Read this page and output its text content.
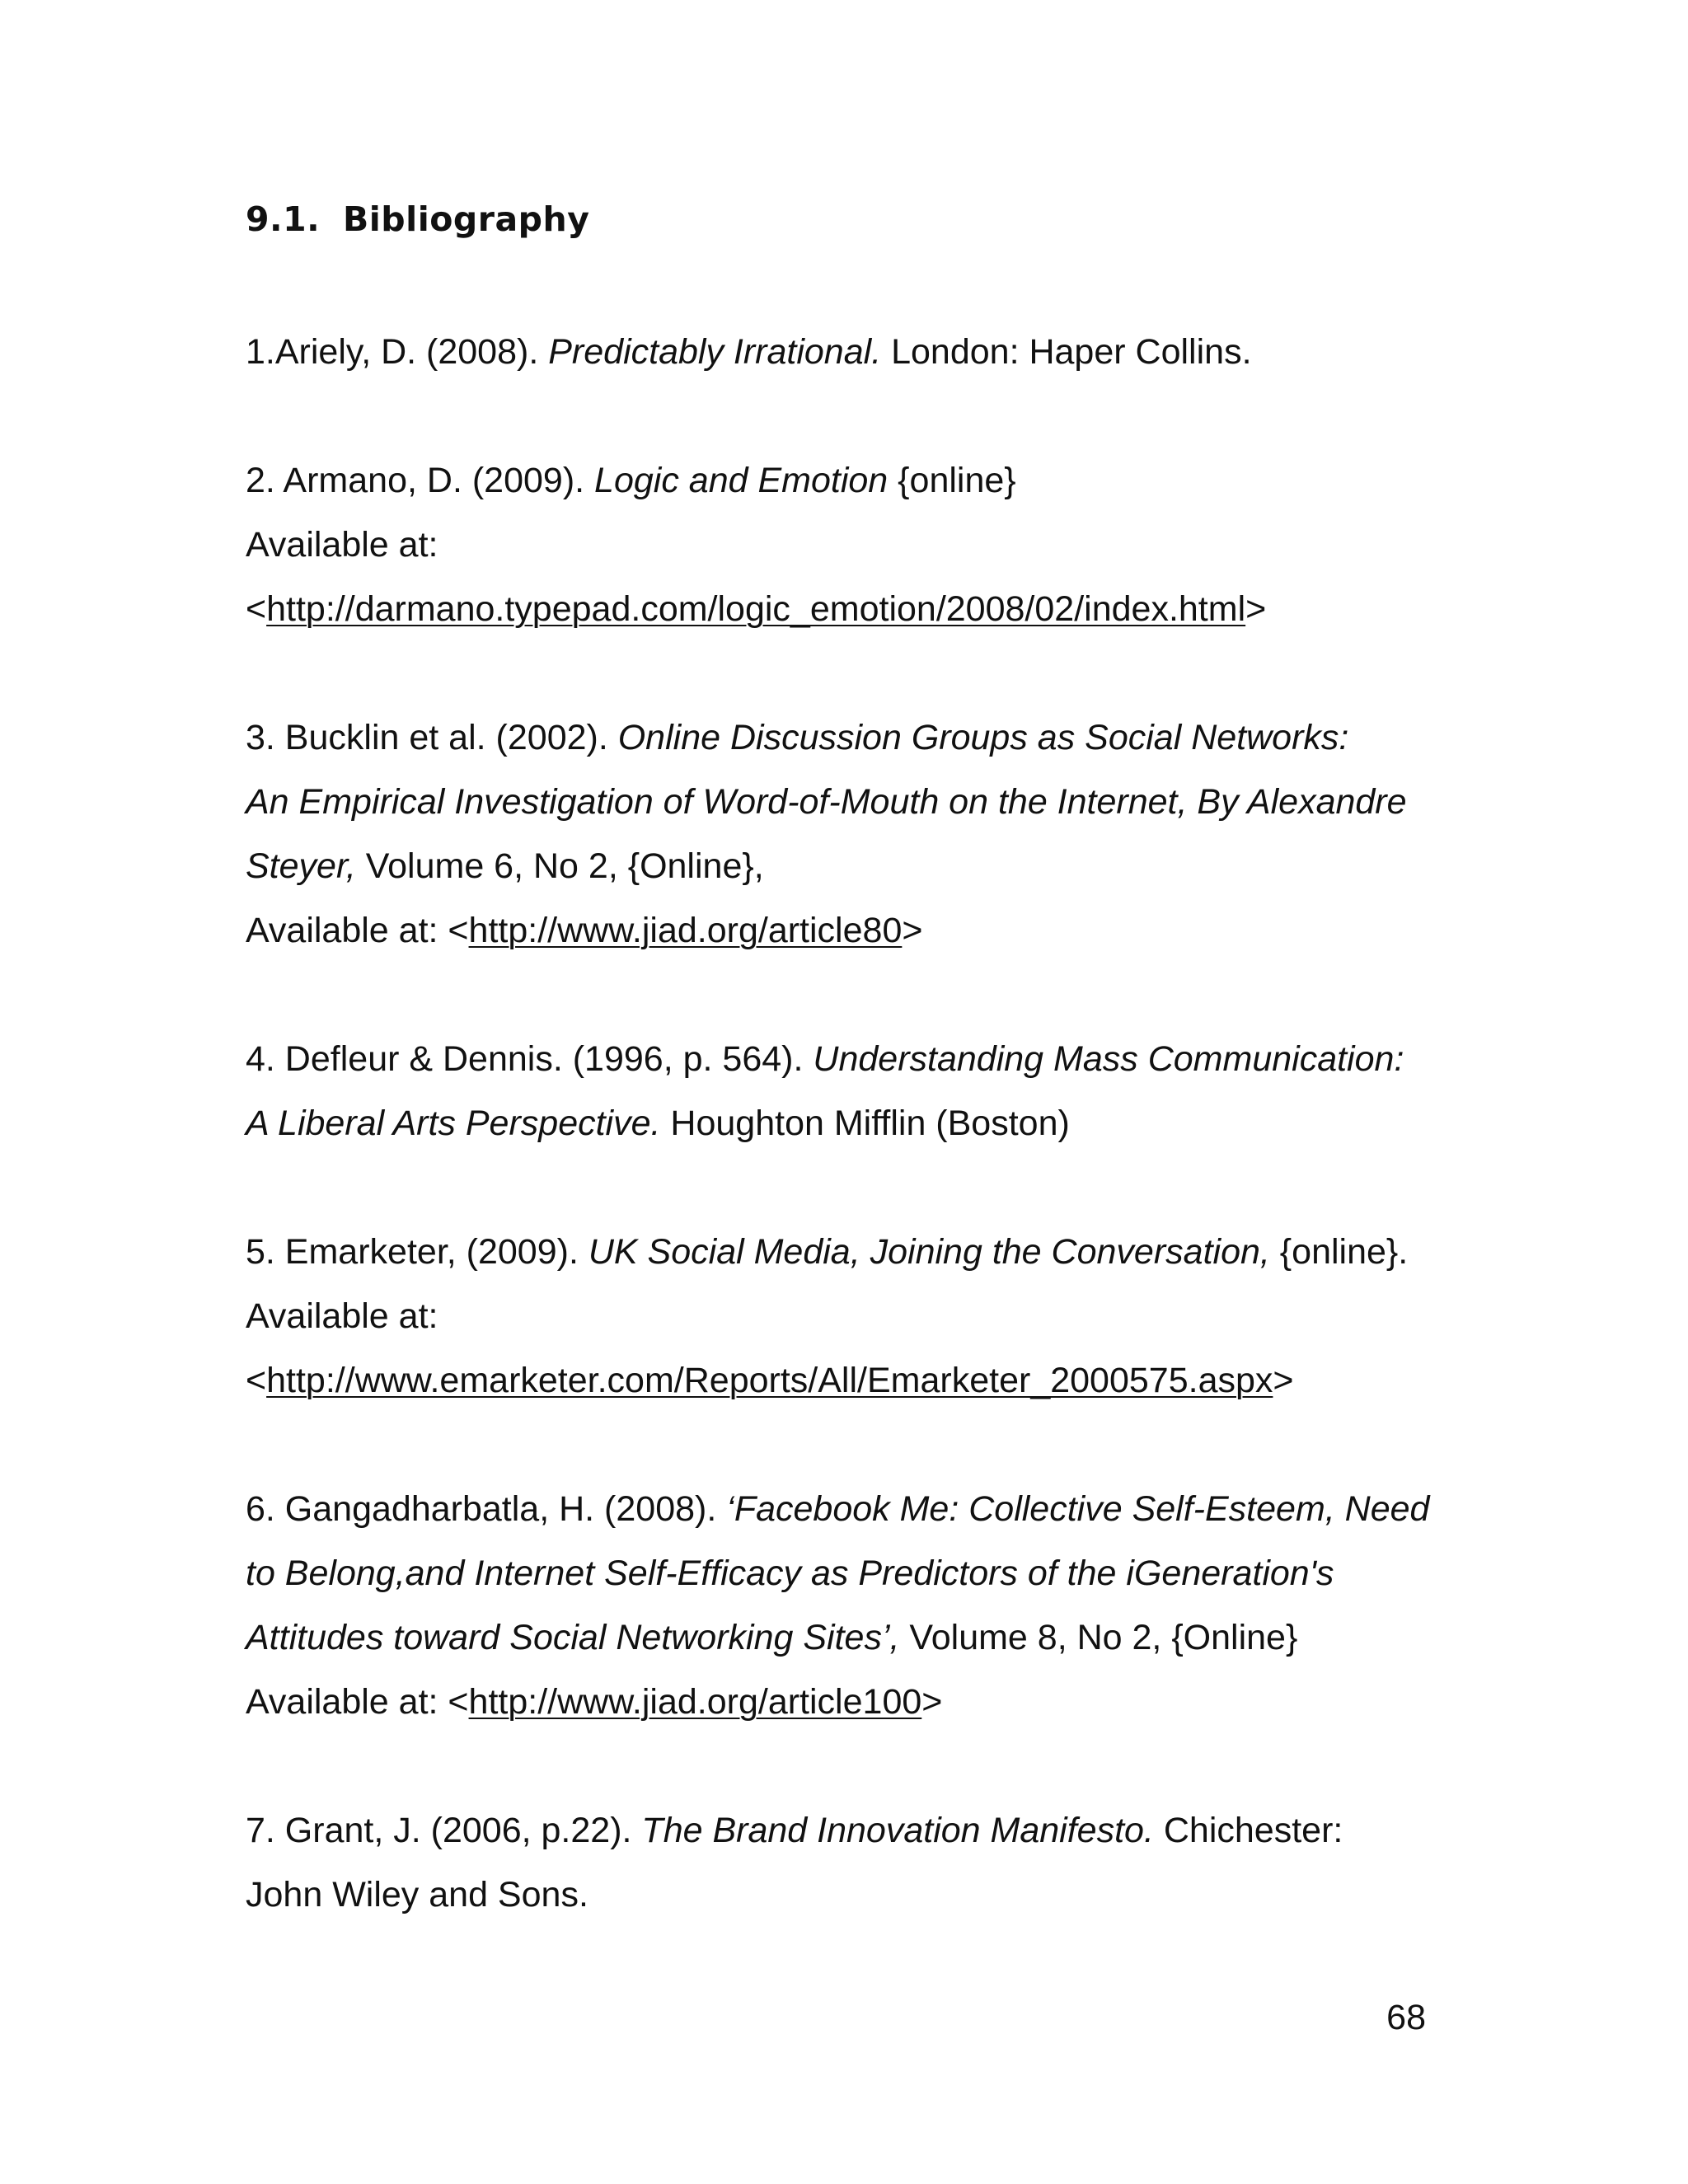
9.1. Bibliography
1.Ariely, D. (2008). Predictably Irrational. London: Haper Collins.
2. Armano, D. (2009). Logic and Emotion {online}
Available at:
<http://darmano.typepad.com/logic_emotion/2008/02/index.html>
3. Bucklin et al. (2002). Online Discussion Groups as Social Networks:
An Empirical Investigation of Word-of-Mouth on the Internet, By Alexandre
Steyer, Volume 6, No 2, {Online},
Available at: <http://www.jiad.org/article80>
4. Defleur & Dennis. (1996, p. 564). Understanding Mass Communication:
A Liberal Arts Perspective. Houghton Mifflin (Boston)
5. Emarketer, (2009). UK Social Media, Joining the Conversation, {online}.
Available at:
<http://www.emarketer.com/Reports/All/Emarketer_2000575.aspx>
6. Gangadharbatla, H. (2008). ‘Facebook Me: Collective Self-Esteem, Need
to Belong,and Internet Self-Efficacy as Predictors of the iGeneration's
Attitudes toward Social Networking Sites’, Volume 8, No 2, {Online}
Available at: <http://www.jiad.org/article100>
7. Grant, J. (2006, p.22). The Brand Innovation Manifesto. Chichester:
John Wiley and Sons.
68
